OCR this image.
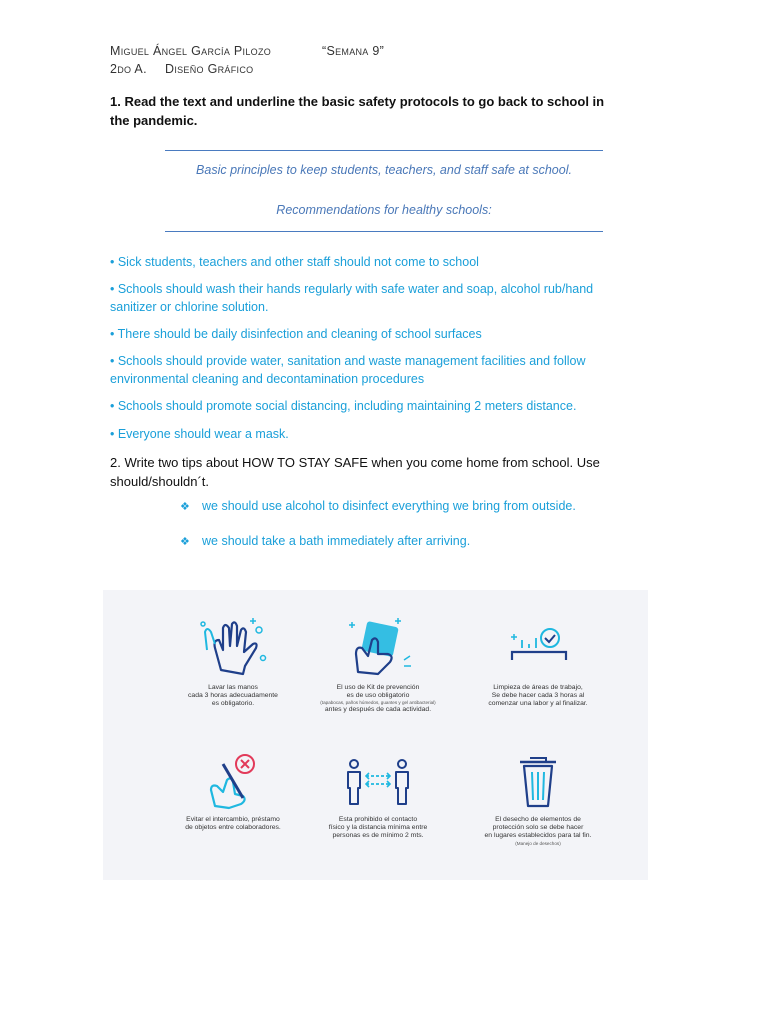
Miguel Ángel García Pilozo	“Semana 9”
2do A. Diseño Gráfico
1. Read the text and underline the basic safety protocols to go back to school in the pandemic.
Basic principles to keep students, teachers, and staff safe at school.
Recommendations for healthy schools:
• Sick students, teachers and other staff should not come to school
• Schools should wash their hands regularly with safe water and soap, alcohol rub/hand sanitizer or chlorine solution.
• There should be daily disinfection and cleaning of school surfaces
• Schools should provide water, sanitation and waste management facilities and follow environmental cleaning and decontamination procedures
• Schools should promote social distancing, including maintaining 2 meters distance.
• Everyone should wear a mask.
2. Write two tips about HOW TO STAY SAFE when you come home from school. Use should/shouldn´t.
❖ we should use alcohol to disinfect everything we bring from outside.
❖ we should take a bath immediately after arriving.
Lavar las manos
cada 3 horas adecuadamente
es obligatorio.
El uso de Kit de prevención
es de uso obligatorio
(tapabocas, paños húmedos, guantes y gel antibacterial)
antes y después de cada actividad.
Limpieza de áreas de trabajo,
Se debe hacer cada 3 horas al
comenzar una labor y al finalizar.
Evitar el intercambio, préstamo
de objetos entre colaboradores.
Esta prohibido el contacto
físico y la distancia mínima entre
personas es de mínimo 2 mts.
El desecho de elementos de
protección solo se debe hacer
en lugares establecidos para tal fin.
(Manejo de desechos)
